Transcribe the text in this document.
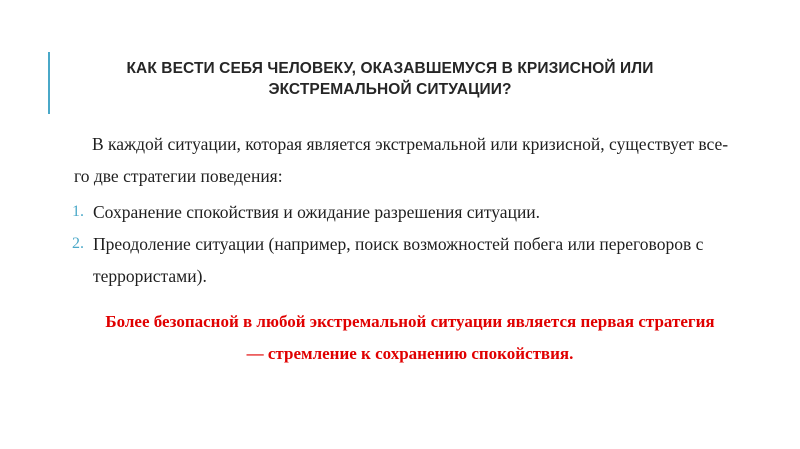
КАК ВЕСТИ СЕБЯ ЧЕЛОВЕКУ, ОКАЗАВШЕМУСЯ В КРИЗИСНОЙ ИЛИ
ЭКСТРЕМАЛЬНОЙ СИТУАЦИИ?
В каждой ситуации, которая является экстремальной или кризисной, существует все-
го две стратегии поведения:
1. Сохранение спокойствия и ожидание разрешения ситуации.
2. Преодоление ситуации (например, поиск возможностей побега или переговоров с
террористами).
Более безопасной в любой экстремальной ситуации является первая стратегия
— стремление к сохранению спокойствия.
